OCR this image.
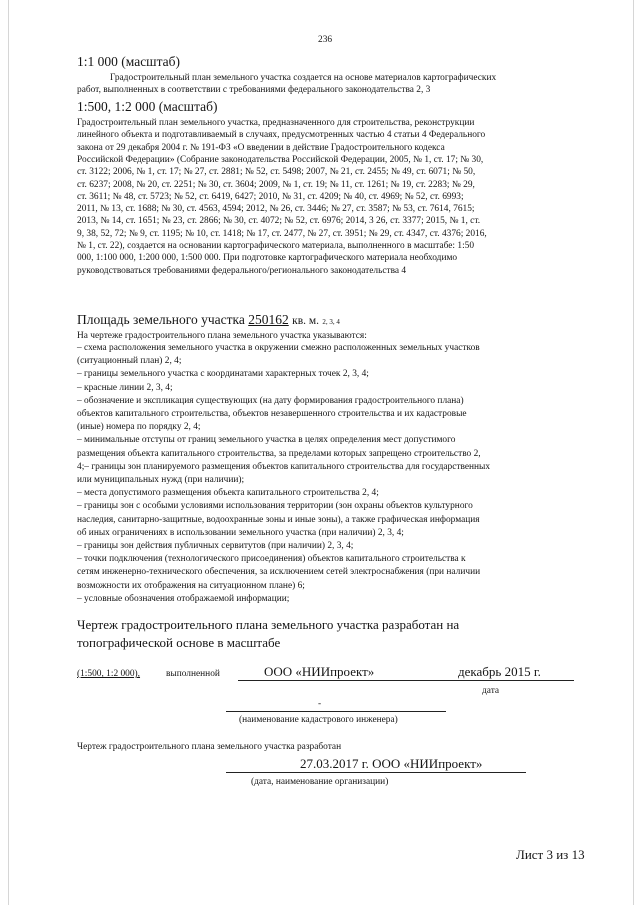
236
1:1 000 (масштаб)
Градостроительный план земельного участка создается на основе материалов картографических
работ, выполненных в соответствии с требованиями федерального законодательства 2, 3
1:500, 1:2 000 (масштаб)
Градостроительный план земельного участка, предназначенного для строительства, реконструкции
линейного объекта и подготавливаемый в случаях, предусмотренных частью 4 статьи 4 Федерального
закона от 29 декабря 2004 г. № 191-ФЗ «О введении в действие Градостроительного кодекса
Российской Федерации» (Собрание законодательства Российской Федерации, 2005, № 1, ст. 17; № 30,
ст. 3122; 2006, № 1, ст. 17; № 27, ст. 2881; № 52, ст. 5498; 2007, № 21, ст. 2455; № 49, ст. 6071; № 50,
ст. 6237; 2008, № 20, ст. 2251; № 30, ст. 3604; 2009, № 1, ст. 19; № 11, ст. 1261; № 19, ст. 2283; № 29,
ст. 3611; № 48, ст. 5723; № 52, ст. 6419, 6427; 2010, № 31, ст. 4209; № 40, ст. 4969; № 52, ст. 6993;
2011, № 13, ст. 1688; № 30, ст. 4563, 4594; 2012, № 26, ст. 3446; № 27, ст. 3587; № 53, ст. 7614, 7615;
2013, № 14, ст. 1651; № 23, ст. 2866; № 30, ст. 4072; № 52, ст. 6976; 2014, 3 26, ст. 3377; 2015, № 1, ст.
9, 38, 52, 72; № 9, ст. 1195; № 10, ст. 1418; № 17, ст. 2477, № 27, ст. 3951; № 29, ст. 4347, ст. 4376; 2016,
№ 1, ст. 22), создается на основании картографического материала, выполненного в масштабе: 1:50
000, 1:100 000, 1:200 000, 1:500 000. При подготовке картографического материала необходимо
руководствоваться требованиями федерального/регионального законодательства 4
Площадь земельного участка 250162 кв. м. 2, 3, 4
На чертеже градостроительного плана земельного участка указываются:
– схема расположения земельного участка в окружении смежно расположенных земельных участков
(ситуационный план) 2, 4;
– границы земельного участка с координатами характерных точек 2, 3, 4;
– красные линии 2, 3, 4;
– обозначение и экспликация существующих (на дату формирования градостроительного плана)
объектов капитального строительства, объектов незавершенного строительства и их кадастровые
(иные) номера по порядку 2, 4;
– минимальные отступы от границ земельного участка в целях определения мест допустимого
размещения объекта капитального строительства, за пределами которых запрещено строительство 2,
4;– границы зон планируемого размещения объектов капитального строительства для государственных
или муниципальных нужд (при наличии);
– места допустимого размещения объекта капитального строительства 2, 4;
– границы зон с особыми условиями использования территории (зон охраны объектов культурного
наследия, санитарно-защитные, водоохранные зоны и иные зоны), а также графическая информация
об иных ограничениях в использовании земельного участка (при наличии) 2, 3, 4;
– границы зон действия публичных сервитутов (при наличии) 2, 3, 4;
– точки подключения (технологического присоединения) объектов капитального строительства к
сетям инженерно-технического обеспечения, за исключением сетей электроснабжения (при наличии
возможности их отображения на ситуационном плане) 6;
– условные обозначения отображаемой информации;
Чертеж градостроительного плана земельного участка разработан на
топографической основе в масштабе
(1:500, 1:2 000),	выполненной	ООО «НИИпроект»	декабрь 2015 г.
дата
-
(наименование кадастрового инженера)
Чертеж градостроительного плана земельного участка разработан
27.03.2017 г. ООО «НИИпроект»
(дата, наименование организации)
Лист 3 из 13
